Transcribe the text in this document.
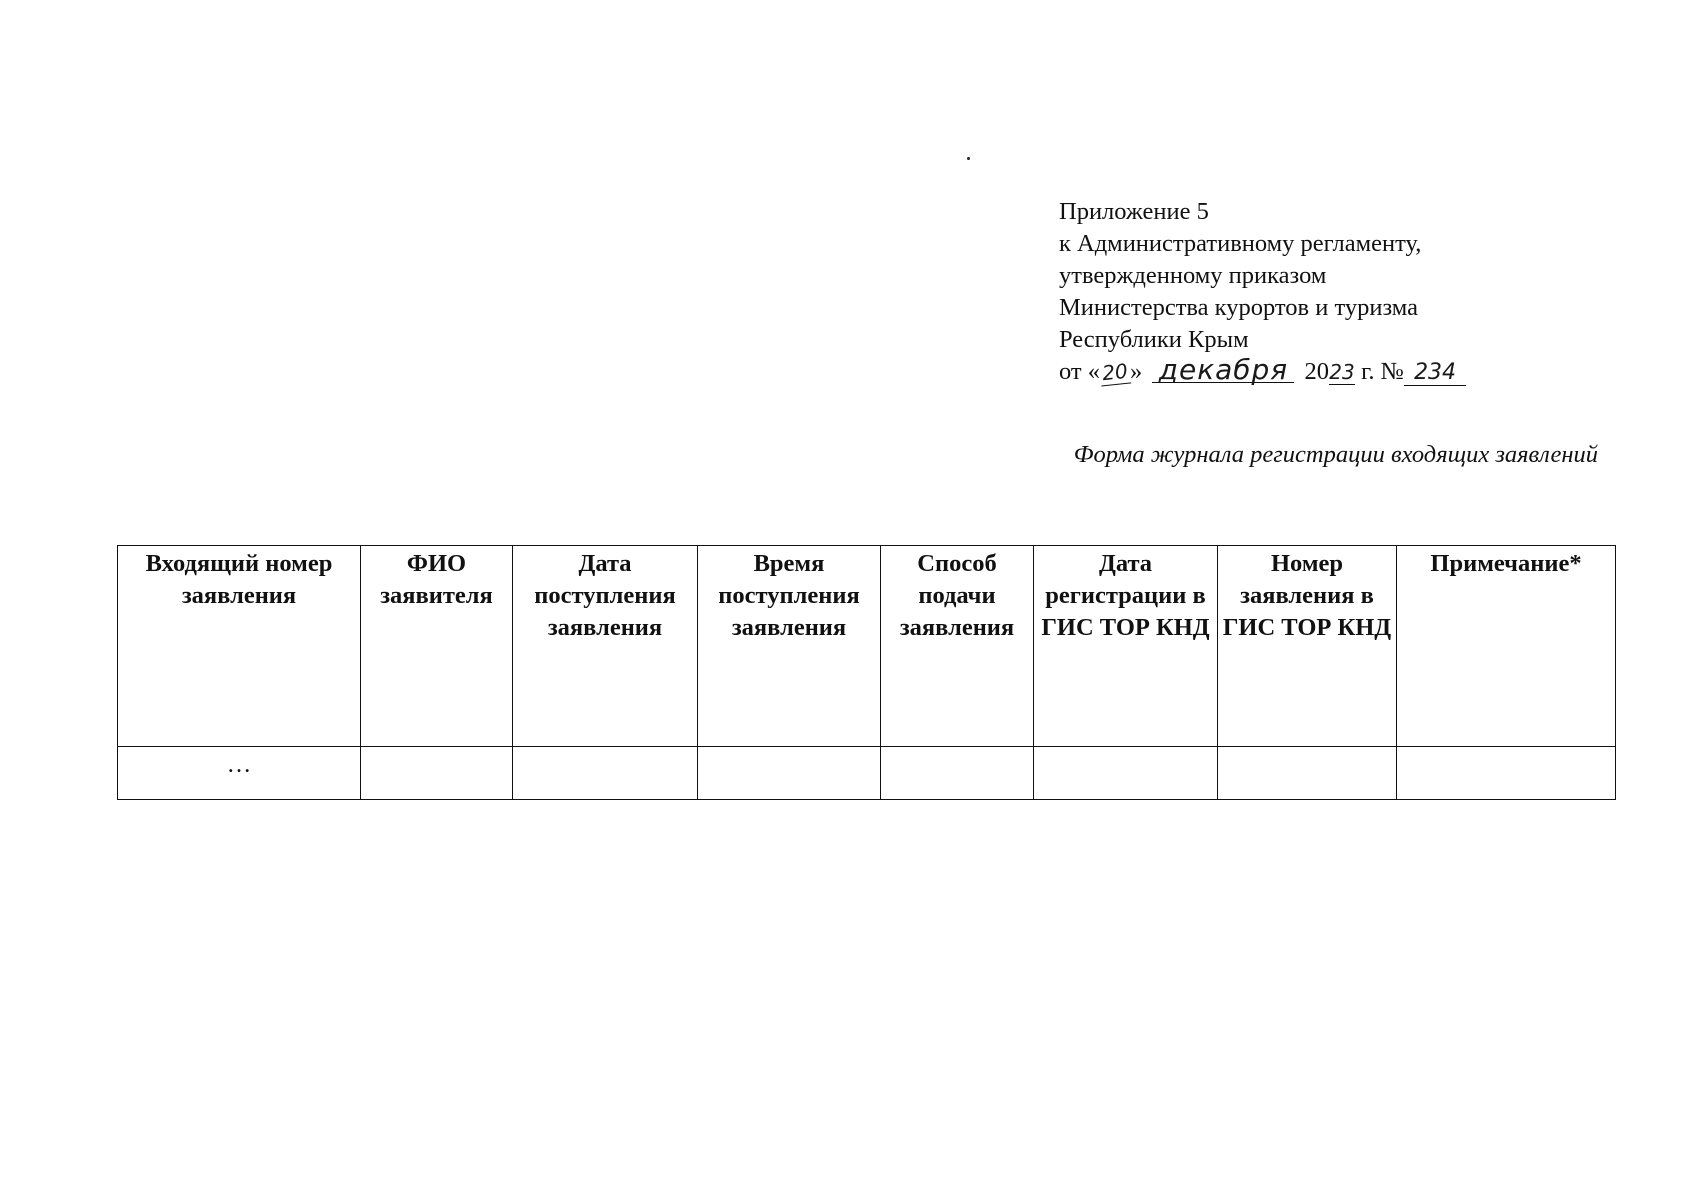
Приложение 5
к Административному регламенту,
утвержденному приказом
Министерства курортов и туризма
Республики Крым
от «20» декабря 2023 г. № 234
Форма журнала регистрации входящих заявлений
Входящий номер заявления	ФИО заявителя	Дата поступления заявления	Время поступления заявления	Способ подачи заявления	Дата регистрации в ГИС ТОР КНД	Номер заявления в ГИС ТОР КНД	Примечание*
…							
